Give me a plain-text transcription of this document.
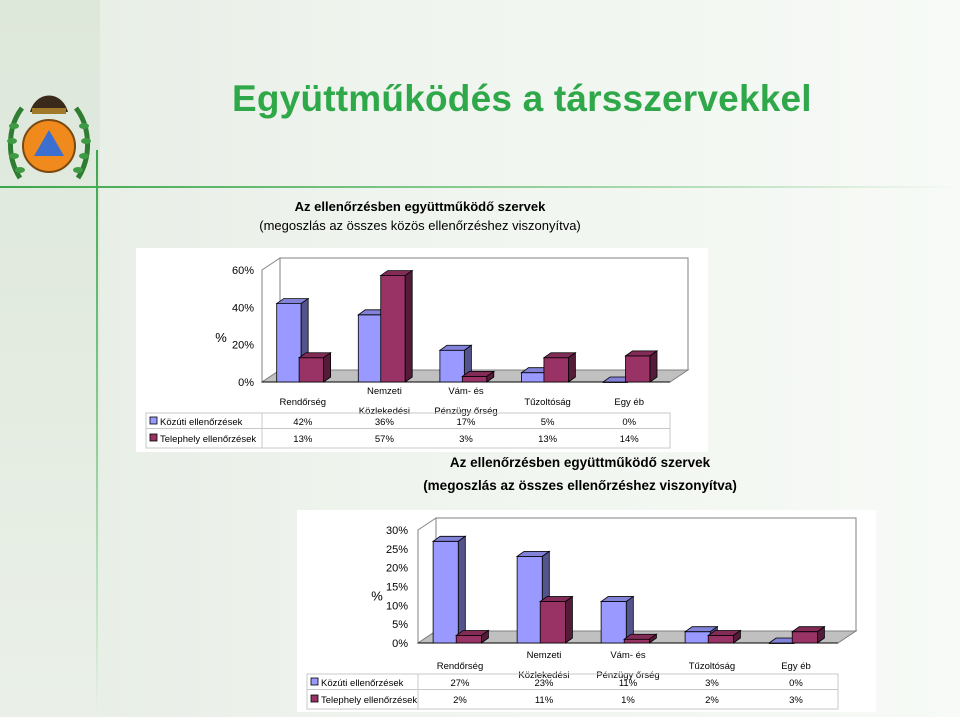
Együttműködés a társszervekkel
Az ellenőrzésben együttműködő szervek
(megoszlás az összes közös ellenőrzéshez viszonyítva)
0%
20%
40%
60%
%
Rendőrség
Nemzeti
Közlekedési
Vám- és
Pénzügy őrség
Tűzoltóság	Egy éb
Közúti ellenőrzések	42%	36%	17%	5%	0%
Telephely ellenőrzések	13%	57%	3%	13%	14%
Az ellenőrzésben együttműködő szervek
(megoszlás az összes ellenőrzéshez viszonyítva)
0%
5%
10%
15%
20%
25%
30%
%
Rendőrség
Nemzeti
Közlekedési
Vám- és
Pénzügy őrség
Tűzoltóság	Egy éb
Közúti ellenőrzések	27%	23%	11%	3%	0%
Telephely ellenőrzések	2%	11%	1%	2%	3%
